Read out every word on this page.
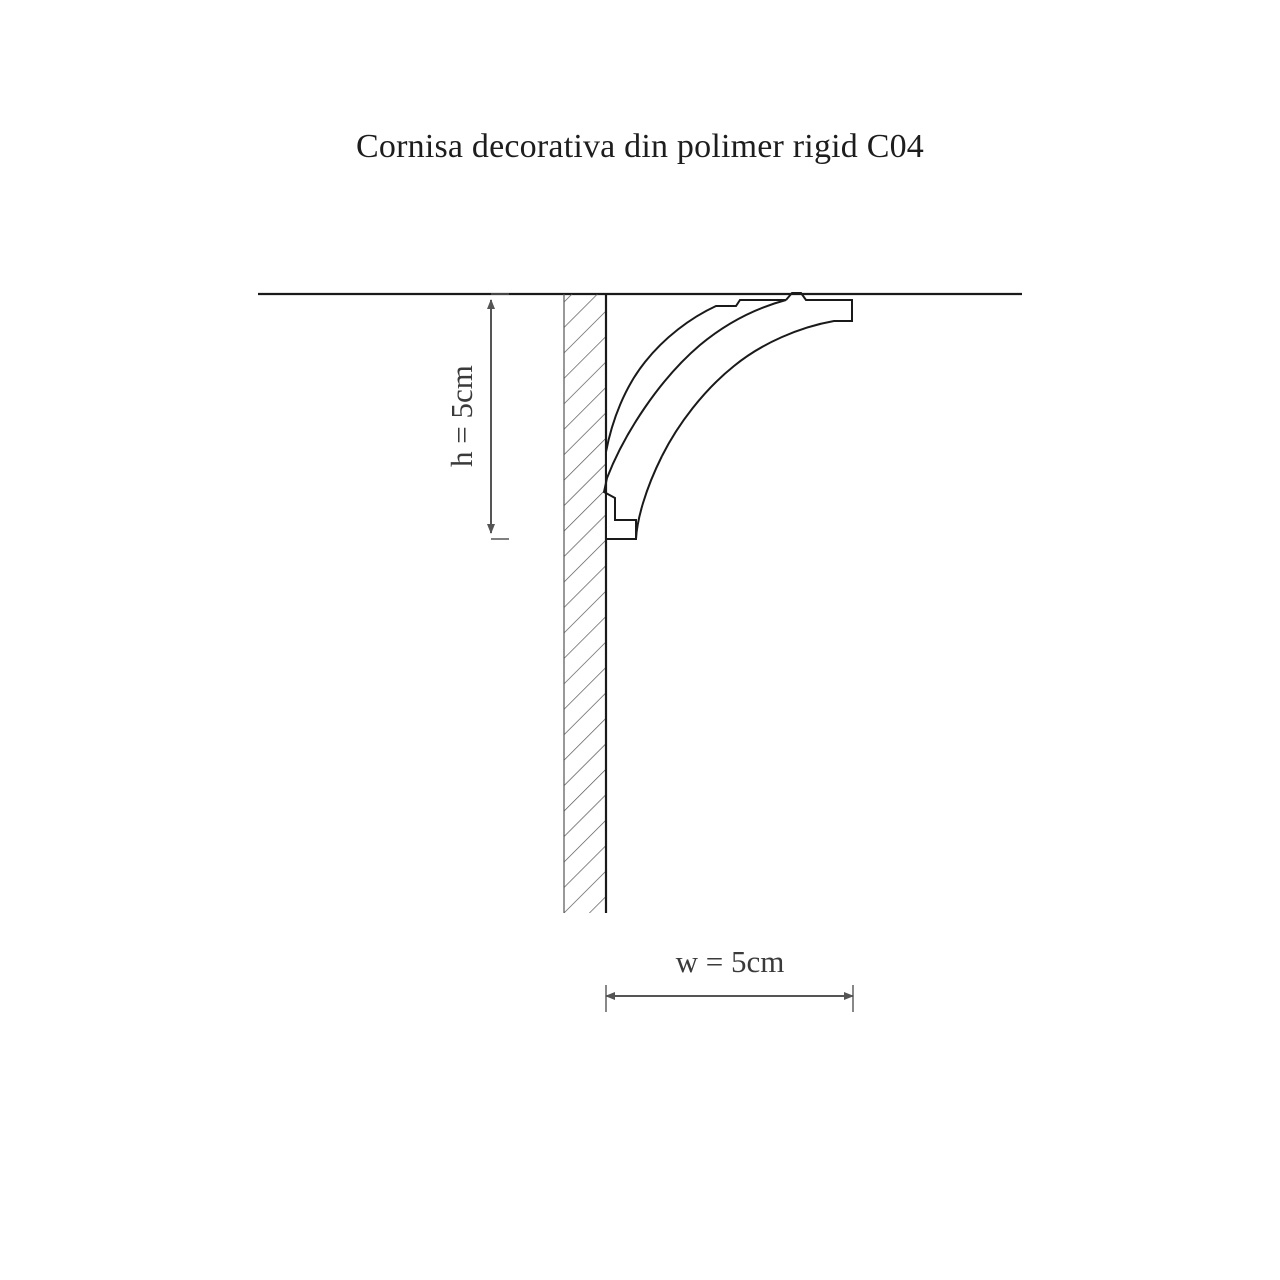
Cornisa decorativa din polimer rigid C04
h = 5cm
w = 5cm
